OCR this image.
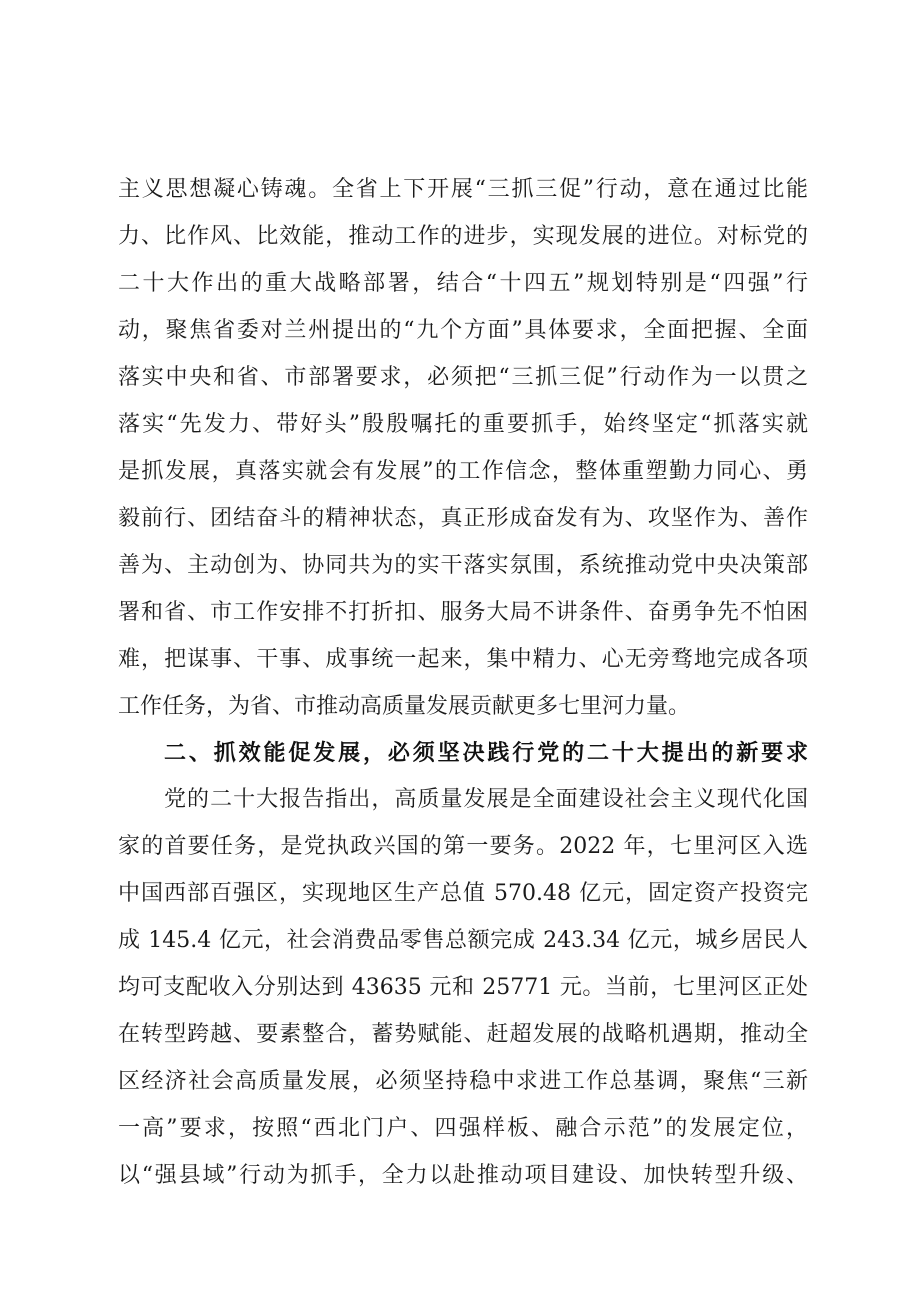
主义思想凝心铸魂。全省上下开展“三抓三促”行动，意在通过比能
力、比作风、比效能，推动工作的进步，实现发展的进位。对标党的
二十大作出的重大战略部署，结合“十四五”规划特别是“四强”行
动，聚焦省委对兰州提出的“九个方面”具体要求，全面把握、全面
落实中央和省、市部署要求，必须把“三抓三促”行动作为一以贯之
落实“先发力、带好头”殷殷嘱托的重要抓手，始终坚定“抓落实就
是抓发展，真落实就会有发展”的工作信念，整体重塑勤力同心、勇
毅前行、团结奋斗的精神状态，真正形成奋发有为、攻坚作为、善作
善为、主动创为、协同共为的实干落实氛围，系统推动党中央决策部
署和省、市工作安排不打折扣、服务大局不讲条件、奋勇争先不怕困
难，把谋事、干事、成事统一起来，集中精力、心无旁骛地完成各项
工作任务，为省、市推动高质量发展贡献更多七里河力量。
二、抓效能促发展，必须坚决践行党的二十大提出的新要求
党的二十大报告指出，高质量发展是全面建设社会主义现代化国
家的首要任务，是党执政兴国的第一要务。2022 年，七里河区入选
中国西部百强区，实现地区生产总值 570.48 亿元，固定资产投资完
成 145.4 亿元，社会消费品零售总额完成 243.34 亿元，城乡居民人
均可支配收入分别达到 43635 元和 25771 元。当前，七里河区正处
在转型跨越、要素整合，蓄势赋能、赶超发展的战略机遇期，推动全
区经济社会高质量发展，必须坚持稳中求进工作总基调，聚焦“三新
一高”要求，按照“西北门户、四强样板、融合示范”的发展定位，
以“强县域”行动为抓手，全力以赴推动项目建设、加快转型升级、
